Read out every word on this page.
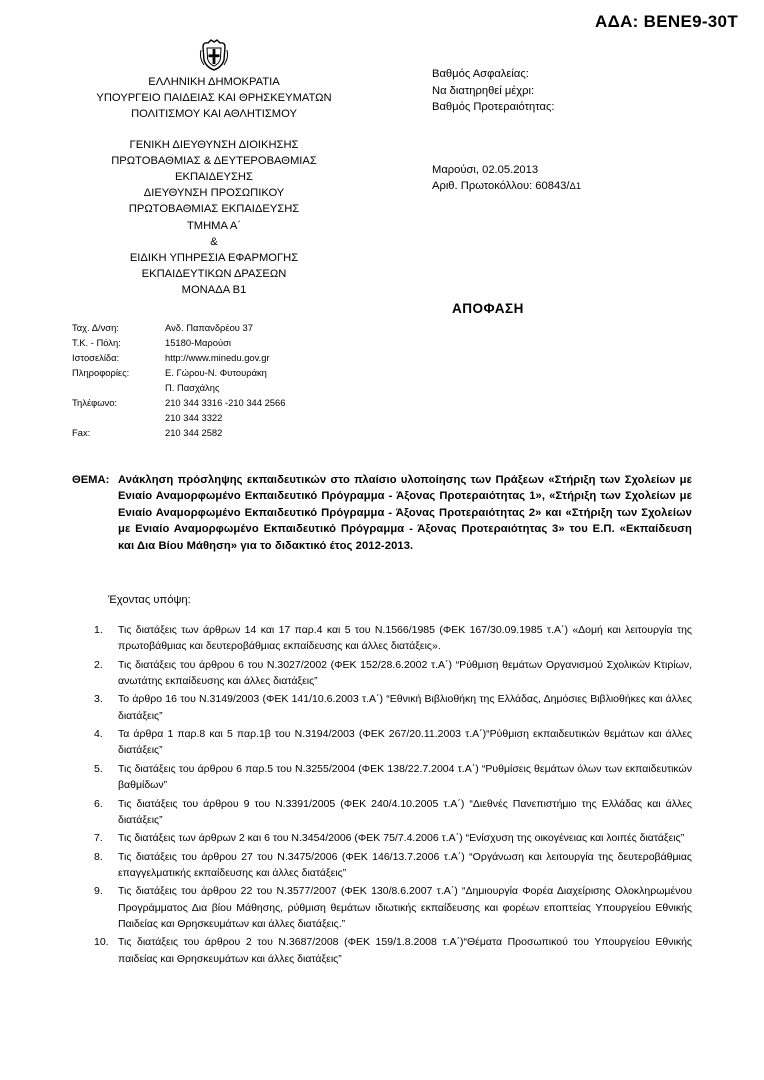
ΑΔΑ: ΒΕΝΕ9-30Τ
ΕΛΛΗΝΙΚΗ ΔΗΜΟΚΡΑΤΙΑ
ΥΠΟΥΡΓΕΙΟ ΠΑΙΔΕΙΑΣ ΚΑΙ ΘΡΗΣΚΕΥΜΑΤΩΝ
ΠΟΛΙΤΙΣΜΟΥ ΚΑΙ ΑΘΛΗΤΙΣΜΟΥ
ΓΕΝΙΚΗ ΔΙΕΥΘΥΝΣΗ ΔΙΟΙΚΗΣΗΣ
ΠΡΩΤΟΒΑΘΜΙΑΣ & ΔΕΥΤΕΡΟΒΑΘΜΙΑΣ
ΕΚΠΑΙΔΕΥΣΗΣ
ΔΙΕΥΘΥΝΣΗ ΠΡΟΣΩΠΙΚΟΥ
ΠΡΩΤΟΒΑΘΜΙΑΣ ΕΚΠΑΙΔΕΥΣΗΣ
ΤΜΗΜΑ Α΄
&
ΕΙΔΙΚΗ ΥΠΗΡΕΣΙΑ ΕΦΑΡΜΟΓΗΣ
ΕΚΠΑΙΔΕΥΤΙΚΩΝ ΔΡΑΣΕΩΝ
ΜΟΝΑΔΑ Β1
Βαθμός Ασφαλείας:
Να διατηρηθεί μέχρι:
Βαθμός Προτεραιότητας:
Μαρούσι, 02.05.2013
Αριθ. Πρωτοκόλλου: 60843/Δ1
ΑΠΟΦΑΣΗ
Ταχ. Δ/νση:	Ανδ. Παπανδρέου 37
Τ.Κ. - Πόλη:	15180-Μαρούσι
Ιστοσελίδα:	http://www.minedu.gov.gr
Πληροφορίες:	Ε. Γώρου-Ν. Φυτουράκη
Π. Πασχάλης
Τηλέφωνο:	210 344 3316 -210 344 2566
210 344 3322
Fax:	210 344 2582
ΘΕΜΑ: Ανάκληση πρόσληψης εκπαιδευτικών στο πλαίσιο υλοποίησης των Πράξεων «Στήριξη των Σχολείων με Ενιαίο Αναμορφωμένο Εκπαιδευτικό Πρόγραμμα - Άξονας Προτεραιότητας 1», «Στήριξη των Σχολείων με Ενιαίο Αναμορφωμένο Εκπαιδευτικό Πρόγραμμα - Άξονας Προτεραιότητας 2» και «Στήριξη των Σχολείων με Ενιαίο Αναμορφωμένο Εκπαιδευτικό Πρόγραμμα - Άξονας Προτεραιότητας 3» του Ε.Π. «Εκπαίδευση και Δια Βίου Μάθηση» για το διδακτικό έτος 2012-2013.
Έχοντας υπόψη:
1.	Τις διατάξεις των άρθρων 14 και 17 παρ.4 και 5 του Ν.1566/1985 (ΦΕΚ 167/30.09.1985 τ.Α΄) «Δομή και λειτουργία της πρωτοβάθμιας και δευτεροβάθμιας εκπαίδευσης και άλλες διατάξεις».
2.	Τις διατάξεις του άρθρου 6 του Ν.3027/2002 (ΦΕΚ 152/28.6.2002 τ.Α΄) “Ρύθμιση θεμάτων Οργανισμού Σχολικών Κτιρίων, ανωτάτης εκπαίδευσης και άλλες διατάξεις”
3.	Το άρθρο 16 του Ν.3149/2003 (ΦΕΚ 141/10.6.2003 τ.Α΄) “Εθνική Βιβλιοθήκη της Ελλάδας, Δημόσιες Βιβλιοθήκες και άλλες διατάξεις”
4.	Τα άρθρα 1 παρ.8 και 5 παρ.1β του Ν.3194/2003 (ΦΕΚ 267/20.11.2003 τ.Α΄)“Ρύθμιση εκπαιδευτικών θεμάτων και άλλες διατάξεις”
5.	Τις διατάξεις του άρθρου 6 παρ.5 του Ν.3255/2004 (ΦΕΚ 138/22.7.2004 τ.Α΄) “Ρυθμίσεις θεμάτων όλων των εκπαιδευτικών βαθμίδων”
6.	Τις διατάξεις του άρθρου 9 του Ν.3391/2005 (ΦΕΚ 240/4.10.2005 τ.Α΄) “Διεθνές Πανεπιστήμιο της Ελλάδας και άλλες διατάξεις”
7.	Τις διατάξεις των άρθρων 2 και 6 του Ν.3454/2006 (ΦΕΚ 75/7.4.2006 τ.Α΄) “Ενίσχυση της οικογένειας και λοιπές διατάξεις”
8.	Τις διατάξεις του άρθρου 27 του Ν.3475/2006 (ΦΕΚ 146/13.7.2006 τ.Α΄) “Οργάνωση και λειτουργία της δευτεροβάθμιας επαγγελματικής εκπαίδευσης και άλλες διατάξεις”
9.	Τις διατάξεις του άρθρου 22 του Ν.3577/2007 (ΦΕΚ 130/8.6.2007 τ.Α΄) “Δημιουργία Φορέα Διαχείρισης Ολοκληρωμένου Προγράμματος Δια βίου Μάθησης, ρύθμιση θεμάτων ιδιωτικής εκπαίδευσης και φορέων εποπτείας Υπουργείου Εθνικής Παιδείας και Θρησκευμάτων και άλλες διατάξεις.”
10. Τις διατάξεις του άρθρου 2 του Ν.3687/2008 (ΦΕΚ 159/1.8.2008 τ.Α΄)“Θέματα Προσωπικού του Υπουργείου Εθνικής παιδείας και Θρησκευμάτων και άλλες διατάξεις”
